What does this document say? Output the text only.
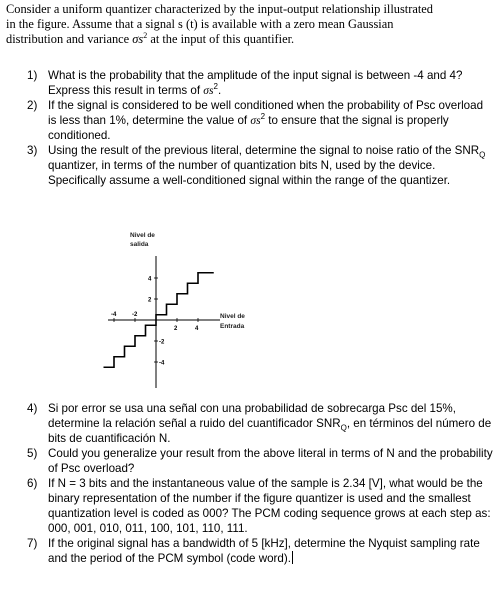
Consider a uniform quantizer characterized by the input-output relationship illustrated
in the figure. Assume that a signal s (t) is available with a zero mean Gaussian
distribution and variance $\sigma s^2$ at the input of this quantifier.
1) What is the probability that the amplitude of the input signal is between -4 and 4? Express this result in terms of $\sigma s^2$.
2) If the signal is considered to be well conditioned when the probability of Psc overload is less than 1%, determine the value of $\sigma s^2$ to ensure that the signal is properly conditioned.
3) Using the result of the previous literal, determine the signal to noise ratio of the $SNR_Q$ quantizer, in terms of the number of quantization bits N, used by the device. Specifically assume a well-conditioned signal within the range of the quantizer.
Nivel de
salida
Nivel de
Entrada
-4	-2
2	4
4
2
-2
-4
4) Si por error se usa una señal con una probabilidad de sobrecarga Psc del 15%, determine la relación señal a ruido del cuantificador $SNR_Q$, en términos del número de bits de cuantificación N.
5) Could you generalize your result from the above literal in terms of N and the probability of Psc overload?
6) If N = 3 bits and the instantaneous value of the sample is 2.34 [V], what would be the binary representation of the number if the figure quantizer is used and the smallest quantization level is coded as 000? The PCM coding sequence grows at each step as: 000, 001, 010, 011, 100, 101, 110, 111.
7) If the original signal has a bandwidth of 5 [kHz], determine the Nyquist sampling rate and the period of the PCM symbol (code word).
